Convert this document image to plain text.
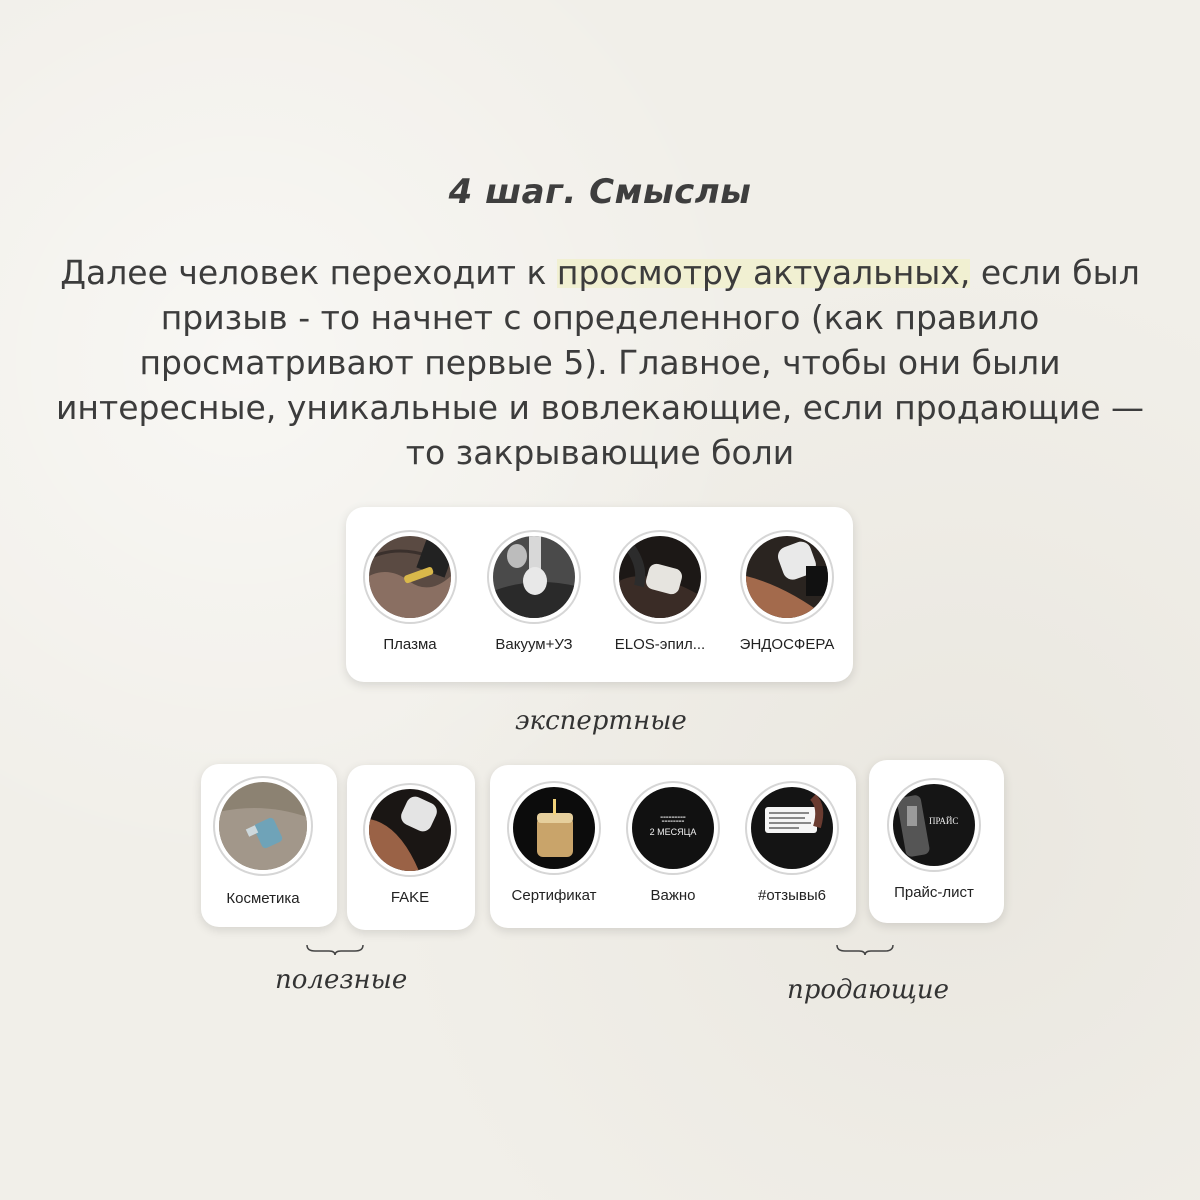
4 шаг. Смыслы
Далее человек переходит к просмотру актуальных, если был призыв - то начнет с определенного (как правило просматривают первые 5). Главное, чтобы они были интересные, уникальные и вовлекающие, если продающие — то закрывающие боли
Плазма	Вакуум+УЗ	ELOS-эпил...	ЭНДОСФЕРА
экспертные
Косметика	FAKE	Сертификат
▬▬▬▬▬▬▬▬▬
▬▬▬▬▬▬▬▬
2 МЕСЯЦА
Важно	#отзывы6
ПРАЙС
Прайс-лист
полезные	продающие
